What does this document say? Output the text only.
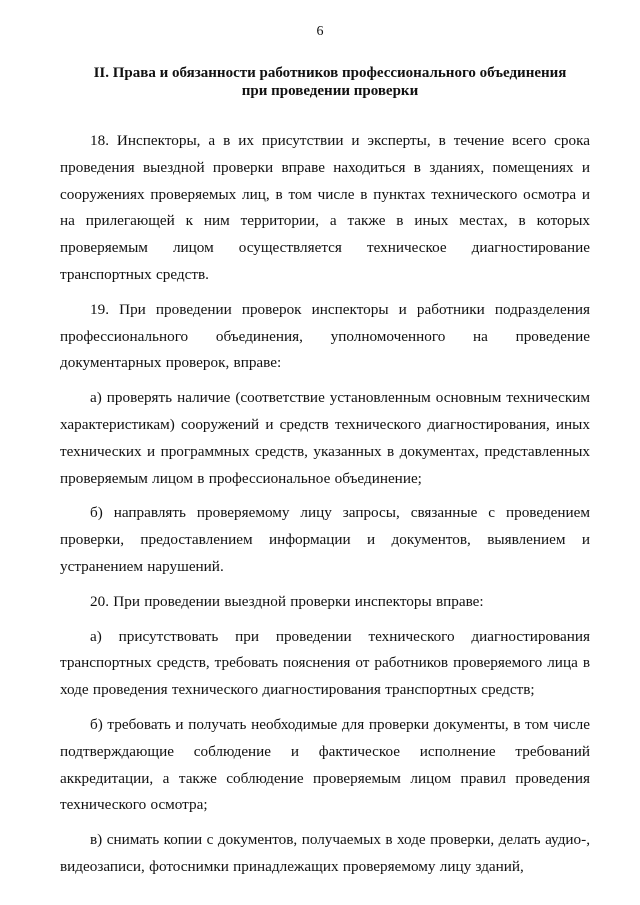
6
II. Права и обязанности работников профессионального объединения
при проведении проверки

18. Инспекторы, а в их присутствии и эксперты, в течение всего срока проведения выездной проверки вправе находиться в зданиях, помещениях и сооружениях проверяемых лиц, в том числе в пунктах технического осмотра и на прилегающей к ним территории, а также в иных местах, в которых проверяемым лицом осуществляется техническое диагностирование транспортных средств.

19. При проведении проверок инспекторы и работники подразделения профессионального объединения, уполномоченного на проведение документарных проверок, вправе:

а) проверять наличие (соответствие установленным основным техническим характеристикам) сооружений и средств технического диагностирования, иных технических и программных средств, указанных в документах, представленных проверяемым лицом в профессиональное объединение;

б) направлять проверяемому лицу запросы, связанные с проведением проверки, предоставлением информации и документов, выявлением и устранением нарушений.

20. При проведении выездной проверки инспекторы вправе:

а) присутствовать при проведении технического диагностирования транспортных средств, требовать пояснения от работников проверяемого лица в ходе проведения технического диагностирования транспортных средств;

б) требовать и получать необходимые для проверки документы, в том числе подтверждающие соблюдение и фактическое исполнение требований аккредитации, а также соблюдение проверяемым лицом правил проведения технического осмотра;

в) снимать копии с документов, получаемых в ходе проверки, делать аудио-, видеозаписи, фотоснимки принадлежащих проверяемому лицу зданий,
